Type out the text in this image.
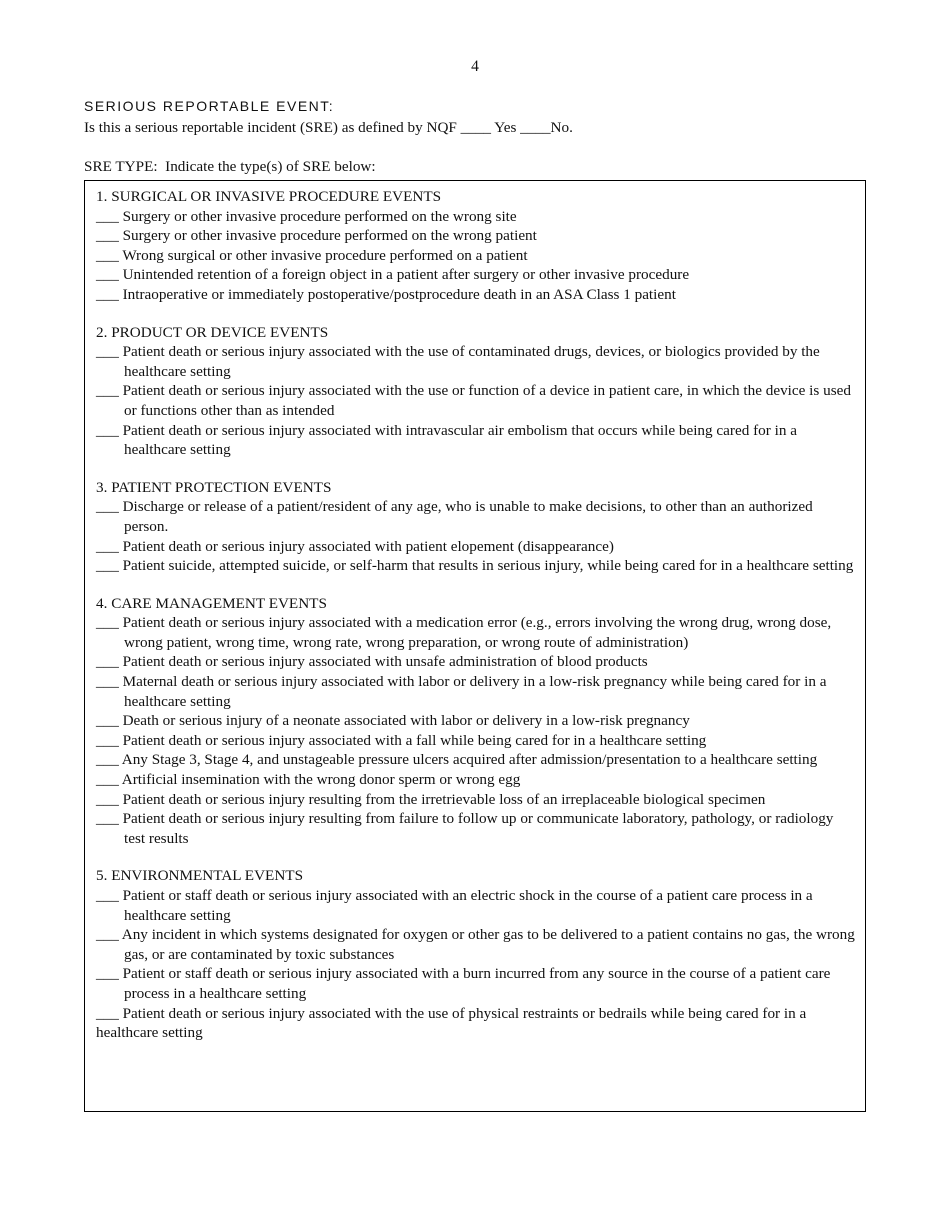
4
SERIOUS REPORTABLE EVENT:
Is this a serious reportable incident (SRE) as defined by NQF ____ Yes ____No.
SRE TYPE:  Indicate the type(s) of SRE below:
1. SURGICAL OR INVASIVE PROCEDURE EVENTS
___ Surgery or other invasive procedure performed on the wrong site
___ Surgery or other invasive procedure performed on the wrong patient
___ Wrong surgical or other invasive procedure performed on a patient
___ Unintended retention of a foreign object in a patient after surgery or other invasive procedure
___ Intraoperative or immediately postoperative/postprocedure death in an ASA Class 1 patient
2. PRODUCT OR DEVICE EVENTS
___ Patient death or serious injury associated with the use of contaminated drugs, devices, or biologics provided by the healthcare setting
___ Patient death or serious injury associated with the use or function of a device in patient care, in which the device is used or functions other than as intended
___ Patient death or serious injury associated with intravascular air embolism that occurs while being cared for in a healthcare setting
3. PATIENT PROTECTION EVENTS
___ Discharge or release of a patient/resident of any age, who is unable to make decisions, to other than an authorized person.
___ Patient death or serious injury associated with patient elopement (disappearance)
___ Patient suicide, attempted suicide, or self-harm that results in serious injury, while being cared for in a healthcare setting
4. CARE MANAGEMENT EVENTS
___ Patient death or serious injury associated with a medication error (e.g., errors involving the wrong drug, wrong dose, wrong patient, wrong time, wrong rate, wrong preparation, or wrong route of administration)
___ Patient death or serious injury associated with unsafe administration of blood products
___ Maternal death or serious injury associated with labor or delivery in a low-risk pregnancy while being cared for in a healthcare setting
___ Death or serious injury of a neonate associated with labor or delivery in a low-risk pregnancy
___ Patient death or serious injury associated with a fall while being cared for in a healthcare setting
___ Any Stage 3, Stage 4, and unstageable pressure ulcers acquired after admission/presentation to a healthcare setting
___ Artificial insemination with the wrong donor sperm or wrong egg
___ Patient death or serious injury resulting from the irretrievable loss of an irreplaceable biological specimen
___ Patient death or serious injury resulting from failure to follow up or communicate laboratory, pathology, or radiology test results
5. ENVIRONMENTAL EVENTS
___ Patient or staff death or serious injury associated with an electric shock in the course of a patient care process in a healthcare setting
___ Any incident in which systems designated for oxygen or other gas to be delivered to a patient contains no gas, the wrong gas, or are contaminated by toxic substances
___ Patient or staff death or serious injury associated with a burn incurred from any source in the course of a patient care process in a healthcare setting
___ Patient death or serious injury associated with the use of physical restraints or bedrails while being cared for in a healthcare setting
